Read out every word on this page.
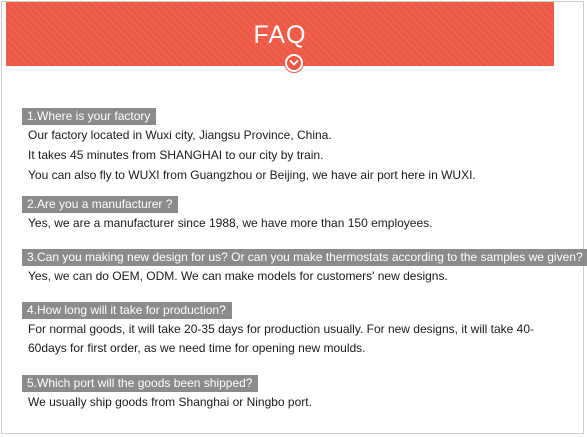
FAQ
1.Where is your factory
Our factory located in Wuxi city, Jiangsu Province, China.
It takes 45 minutes from SHANGHAI to our city by train.
You can also fly to WUXI from Guangzhou or Beijing, we have air port here in WUXI.
2.Are you a manufacturer ?
Yes, we are a manufacturer since 1988, we have more than 150 employees.
3.Can you making new design for us? Or can you make thermostats according to the samples we given?
Yes, we can do OEM, ODM. We can make models for customers' new designs.
4.How long will it take for production?
For normal goods, it will take 20-35 days for production usually. For new designs, it will take 40-60days for first order, as we need time for opening new moulds.
5.Which port will the goods been shipped?
We usually ship goods from Shanghai or Ningbo port.
